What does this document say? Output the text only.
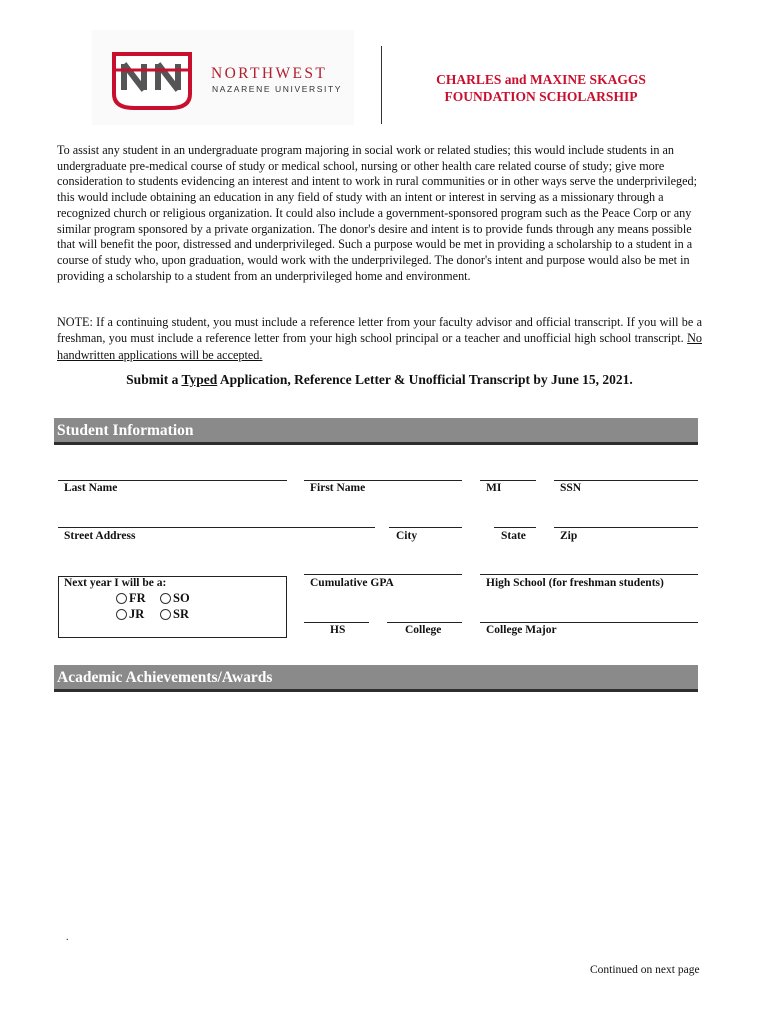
NORTHWEST
NAZARENE UNIVERSITY
CHARLES and MAXINE SKAGGS
FOUNDATION SCHOLARSHIP
To assist any student in an undergraduate program majoring in social work or related studies; this would include students in an undergraduate pre-medical course of study or medical school, nursing or other health care related course of study; give more consideration to students evidencing an interest and intent to work in rural communities or in other ways serve the underprivileged; this would include obtaining an education in any field of study with an intent or interest in serving as a missionary through a recognized church or religious organization. It could also include a government-sponsored program such as the Peace Corp or any similar program sponsored by a private organization. The donor's desire and intent is to provide funds through any means possible that will benefit the poor, distressed and underprivileged. Such a purpose would be met in providing a scholarship to a student in a course of study who, upon graduation, would work with the underprivileged. The donor's intent and purpose would also be met in providing a scholarship to a student from an underprivileged home and environment.
NOTE: If a continuing student, you must include a reference letter from your faculty advisor and official transcript. If you will be a freshman, you must include a reference letter from your high school principal or a teacher and unofficial high school transcript. No handwritten applications will be accepted.
Submit a Typed Application, Reference Letter & Unofficial Transcript by June 15, 2021.
Student Information
Last Name	First Name	MI	SSN
Street Address	City	State	Zip
Next year I will be a:
FR SO
JR SR
Cumulative GPA
HS	College
High School (for freshman students)
College Major
Academic Achievements/Awards
.
Continued on next page
